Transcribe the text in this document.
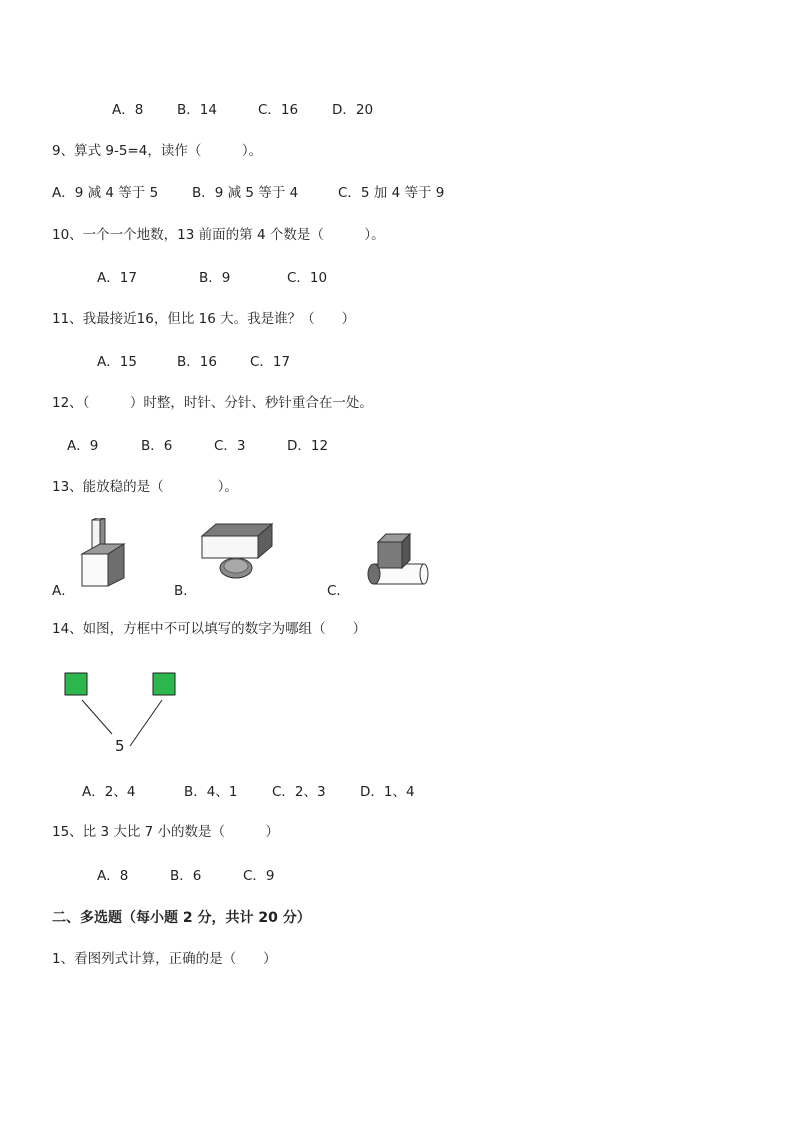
A．8 B．14	C．16	D．20
9、算式 9-5=4，读作（　　　）。
A．9 减 4 等于 5	B．9 减 5 等于 4	C．5 加 4 等于 9
10、一个一个地数，13 前面的第 4 个数是（　　　）。
A．17	B．9	C．10
11、我最接近16，但比 16 大。我是谁？（　　）
A．15	B．16 C．17
12、（　　　）时整，时针、分针、秒针重合在一处。
A．9	B．6	C．3	D．12
13、能放稳的是（　　　　）。
A．	B．	C．
14、如图，方框中不可以填写的数字为哪组（　　）
5
A．2、4	B．4、1	C．2、3	D．1、4
15、比 3 大比 7 小的数是（　　　）
A．8	B．6	C．9
二、多选题（每小题 2 分，共计 20 分）
1、看图列式计算，正确的是（　　）
